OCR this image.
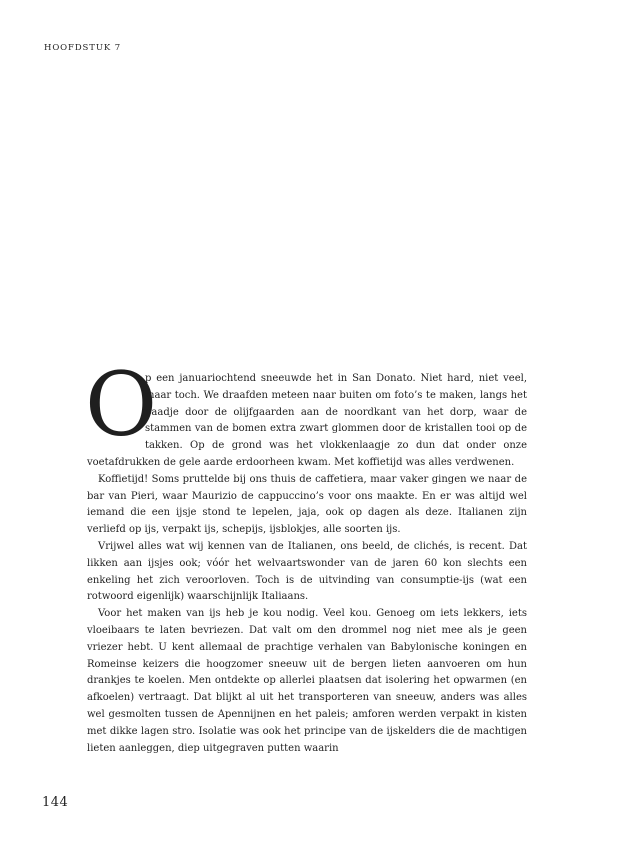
HOOFDSTUK 7

O
p een januariochtend sneeuwde het in San Donato. Niet hard, niet veel, maar toch. We draafden meteen naar buiten om foto’s te maken, langs het paadje door de olijfgaarden aan de noordkant van het dorp, waar de stammen van de bomen extra zwart glommen door de kristallen tooi op de takken. Op de grond was het vlokkenlaagje zo dun dat onder onze voetafdrukken de gele aarde erdoorheen kwam. Met koffietijd was alles verdwenen.

Koffietijd! Soms pruttelde bij ons thuis de caffetiera, maar vaker gingen we naar de bar van Pieri, waar Maurizio de cappuccino’s voor ons maakte. En er was altijd wel iemand die een ijsje stond te lepelen, jaja, ook op dagen als deze. Italianen zijn verliefd op ijs, verpakt ijs, schepijs, ijsblokjes, alle soorten ijs.

Vrijwel alles wat wij kennen van de Italianen, ons beeld, de clichés, is recent. Dat likken aan ijsjes ook; vóór het welvaartswonder van de jaren 60 kon slechts een enkeling het zich veroorloven. Toch is de uitvinding van consumptie-ijs (wat een rotwoord eigenlijk) waarschijnlijk Italiaans.

Voor het maken van ijs heb je kou nodig. Veel kou. Genoeg om iets lekkers, iets vloeibaars te laten bevriezen. Dat valt om den drommel nog niet mee als je geen vriezer hebt. U kent allemaal de prachtige verhalen van Babylonische koningen en Romeinse keizers die hoogzomer sneeuw uit de bergen lieten aanvoeren om hun drankjes te koelen. Men ontdekte op allerlei plaatsen dat isolering het opwarmen (en afkoelen) vertraagt. Dat blijkt al uit het transporteren van sneeuw, anders was alles wel gesmolten tussen de Apennijnen en het paleis; amforen werden verpakt in kisten met dikke lagen stro. Isolatie was ook het principe van de ijskelders die de machtigen lieten aanleggen, diep uitgegraven putten waarin

144
